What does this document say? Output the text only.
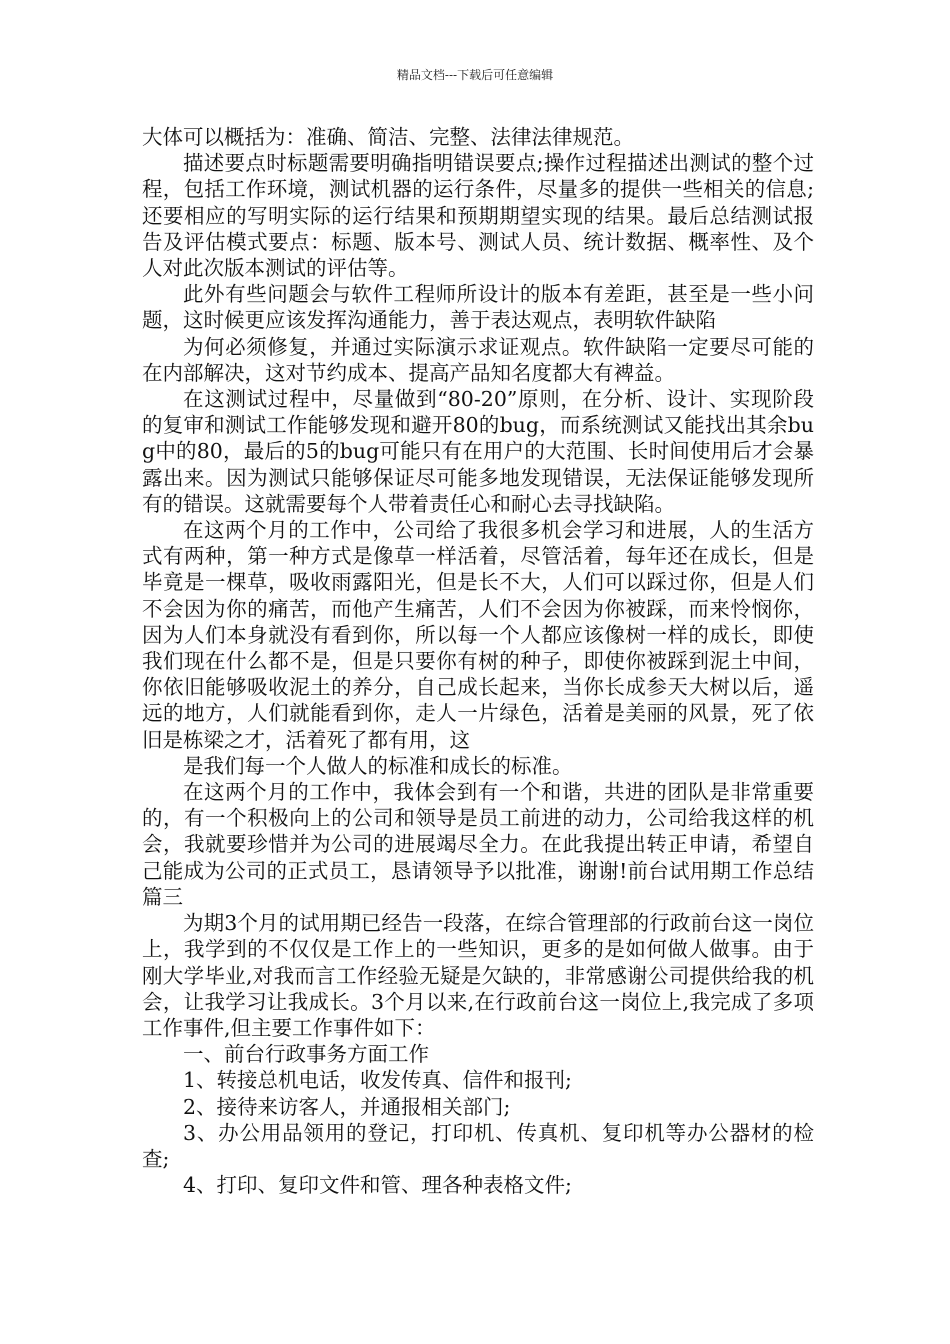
精品文档---下载后可任意编辑

大体可以概括为：准确、简洁、完整、法律法律规范。

描述要点时标题需要明确指明错误要点;操作过程描述出测试的整个过程，包括工作环境，测试机器的运行条件，尽量多的提供一些相关的信息;还要相应的写明实际的运行结果和预期期望实现的结果。最后总结测试报告及评估模式要点：标题、版本号、测试人员、统计数据、概率性、及个人对此次版本测试的评估等。

此外有些问题会与软件工程师所设计的版本有差距，甚至是一些小问题，这时候更应该发挥沟通能力，善于表达观点，表明软件缺陷

为何必须修复，并通过实际演示求证观点。软件缺陷一定要尽可能的在内部解决，这对节约成本、提高产品知名度都大有裨益。

在这测试过程中，尽量做到“80-20”原则，在分析、设计、实现阶段的复审和测试工作能够发现和避开80的bug，而系统测试又能找出其余bug中的80，最后的5的bug可能只有在用户的大范围、长时间使用后才会暴露出来。因为测试只能够保证尽可能多地发现错误，无法保证能够发现所有的错误。这就需要每个人带着责任心和耐心去寻找缺陷。

在这两个月的工作中，公司给了我很多机会学习和进展，人的生活方式有两种，第一种方式是像草一样活着，尽管活着，每年还在成长，但是毕竟是一棵草，吸收雨露阳光，但是长不大，人们可以踩过你，但是人们不会因为你的痛苦，而他产生痛苦，人们不会因为你被踩，而来怜悯你，因为人们本身就没有看到你，所以每一个人都应该像树一样的成长，即使我们现在什么都不是，但是只要你有树的种子，即使你被踩到泥土中间，你依旧能够吸收泥土的养分，自己成长起来，当你长成参天大树以后，遥远的地方，人们就能看到你，走人一片绿色，活着是美丽的风景，死了依旧是栋梁之才，活着死了都有用，这

是我们每一个人做人的标准和成长的标准。

在这两个月的工作中，我体会到有一个和谐，共进的团队是非常重要的，有一个积极向上的公司和领导是员工前进的动力，公司给我这样的机会，我就要珍惜并为公司的进展竭尽全力。在此我提出转正申请，希望自己能成为公司的正式员工，恳请领导予以批准，谢谢!前台试用期工作总结篇三

为期3个月的试用期已经告一段落，在综合管理部的行政前台这一岗位上，我学到的不仅仅是工作上的一些知识，更多的是如何做人做事。由于刚大学毕业,对我而言工作经验无疑是欠缺的，非常感谢公司提供给我的机会，让我学习让我成长。3个月以来,在行政前台这一岗位上,我完成了多项工作事件,但主要工作事件如下：

一、前台行政事务方面工作

1、转接总机电话，收发传真、信件和报刊;

2、接待来访客人，并通报相关部门;

3、办公用品领用的登记，打印机、传真机、复印机等办公器材的检查;

4、打印、复印文件和管、理各种表格文件;
